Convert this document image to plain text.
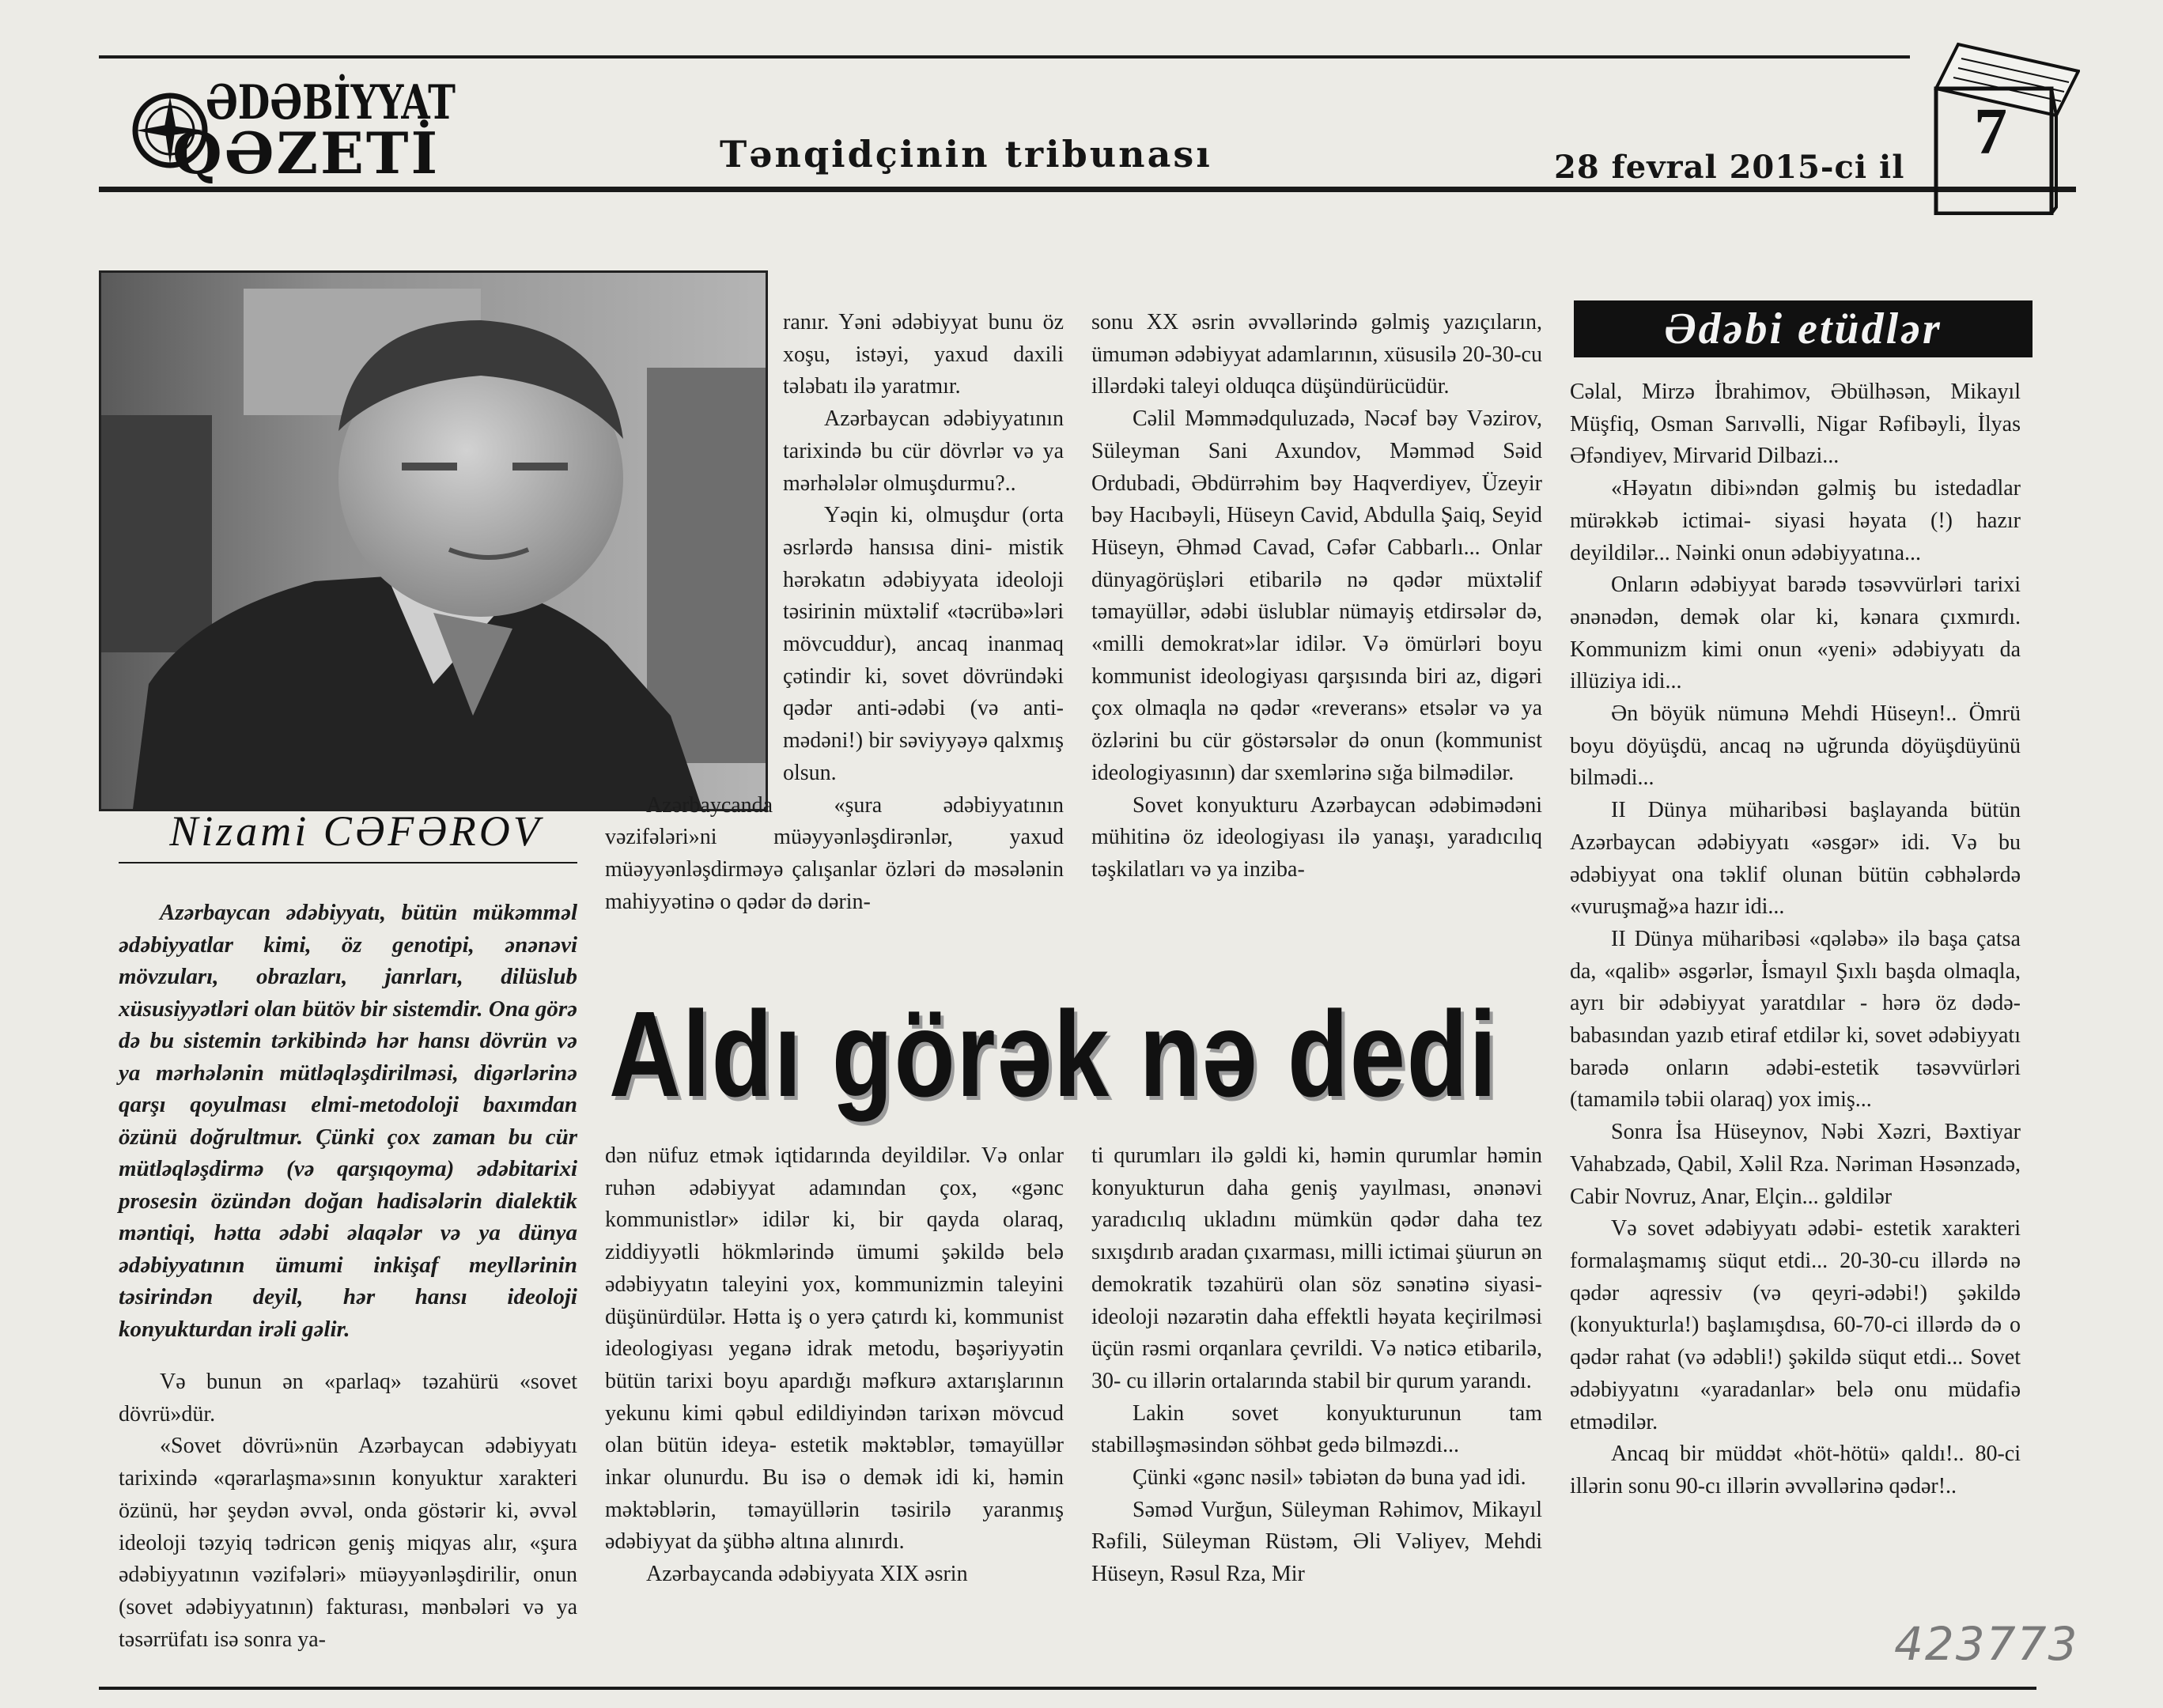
ƏDƏBİYYAT
QƏZETİ	Tənqidçinin tribunası	28 fevral 2015-ci il 7
Nizami CƏFƏROV

Azərbaycan ədəbiyyatı, bütün mükəmməl ədəbiyyatlar kimi, öz genotipi, ənənəvi mövzuları, obrazları, janrları, dilüslub xüsusiyyətləri olan bütöv bir sistemdir. Ona görə də bu sistemin tərkibində hər hansı dövrün və ya mərhələnin mütləqləşdirilməsi, digərlərinə qarşı qoyulması elmi-metodoloji baxımdan özünü doğrultmur. Çünki çox zaman bu cür mütləqləşdirmə (və qarşıqoyma) ədəbitarixi prosesin özündən doğan hadisələrin dialektik məntiqi, hətta ədəbi əlaqələr və ya dünya ədəbiyyatının ümumi inkişaf meyllərinin təsirindən deyil, hər hansı ideoloji konyukturdan irəli gəlir.

Və bunun ən «parlaq» təzahürü «sovet dövrü»dür.

«Sovet dövrü»nün Azərbaycan ədəbiyyatı tarixində «qərarlaşma»sının konyuktur xarakteri özünü, hər şeydən əvvəl, onda göstərir ki, əvvəl ideoloji təzyiq tədricən geniş miqyas alır, «şura ədəbiyyatının vəzifələri» müəyyənləşdirilir, onun (sovet ədəbiyyatının) fakturası, mənbələri və ya təsərrüfatı isə sonra ya-

ranır. Yəni ədəbiyyat bunu öz xoşu, istəyi, yaxud daxili tələbatı ilə yaratmır.

Azərbaycan ədəbiyyatının tarixində bu cür dövrlər və ya mərhələlər olmuşdurmu?..

Yəqin ki, olmuşdur (orta əsrlərdə hansısa dini- mistik hərəkatın ədəbiyyata ideoloji təsirinin müxtəlif «təcrübə»ləri mövcuddur), ancaq inanmaq çətindir ki, sovet dövründəki qədər anti-ədəbi (və anti-mədəni!) bir səviyyəyə qalxmış olsun.

Azərbaycanda «şura ədəbiyyatının vəzifələri»ni müəyyənləşdirənlər, yaxud müəyyənləşdirməyə çalışanlar özləri də məsələnin mahiyyətinə o qədər də dərin-

sonu XX əsrin əvvəllərində gəlmiş yazıçıların, ümumən ədəbiyyat adamlarının, xüsusilə 20-30-cu illərdəki taleyi olduqca düşündürücüdür.

Cəlil Məmmədquluzadə, Nəcəf bəy Vəzirov, Süleyman Sani Axundov, Məmməd Səid Ordubadi, Əbdürrəhim bəy Haqverdiyev, Üzeyir bəy Hacıbəyli, Hüseyn Cavid, Abdulla Şaiq, Seyid Hüseyn, Əhməd Cavad, Cəfər Cabbarlı... Onlar dünyagörüşləri etibarilə nə qədər müxtəlif təmayüllər, ədəbi üslublar nümayiş etdirsələr də, «milli demokrat»lar idilər. Və ömürləri boyu kommunist ideologiyası qarşısında biri az, digəri çox olmaqla nə qədər «reverans» etsələr və ya özlərini bu cür göstərsələr də onun (kommunist ideologiyasının) dar sxemlərinə sığa bilmədilər.

Sovet konyukturu Azərbaycan ədəbimədəni mühitinə öz ideologiyası ilə yanaşı, yaradıcılıq təşkilatları və ya inziba-

Aldı görək nə dedi

dən nüfuz etmək iqtidarında deyildilər. Və onlar ruhən ədəbiyyat adamından çox, «gənc kommunistlər» idilər ki, bir qayda olaraq, ziddiyyətli hökmlərində ümumi şəkildə belə ədəbiyyatın taleyini yox, kommunizmin taleyini düşünürdülər. Hətta iş o yerə çatırdı ki, kommunist ideologiyası yeganə idrak metodu, bəşəriyyətin bütün tarixi boyu apardığı məfkurə axtarışlarının yekunu kimi qəbul edildiyindən tarixən mövcud olan bütün ideya- estetik məktəblər, təmayüllər inkar olunurdu. Bu isə o demək idi ki, həmin məktəblərin, təmayüllərin təsirilə yaranmış ədəbiyyat da şübhə altına alınırdı.

Azərbaycanda ədəbiyyata XIX əsrin

ti qurumları ilə gəldi ki, həmin qurumlar həmin konyukturun daha geniş yayılması, ənənəvi yaradıcılıq ukladını mümkün qədər daha tez sıxışdırıb aradan çıxarması, milli ictimai şüurun ən demokratik təzahürü olan söz sənətinə siyasi-ideoloji nəzarətin daha effektli həyata keçirilməsi üçün rəsmi orqanlara çevrildi. Və nəticə etibarilə, 30- cu illərin ortalarında stabil bir qurum yarandı.

Lakin sovet konyukturunun tam stabilləşməsindən söhbət gedə bilməzdi...

Çünki «gənc nəsil» təbiətən də buna yad idi.

Səməd Vurğun, Süleyman Rəhimov, Mikayıl Rəfili, Süleyman Rüstəm, Əli Vəliyev, Mehdi Hüseyn, Rəsul Rza, Mir

Ədəbi etüdlər

Cəlal, Mirzə İbrahimov, Əbülhəsən, Mikayıl Müşfiq, Osman Sarıvəlli, Nigar Rəfibəyli, İlyas Əfəndiyev, Mirvarid Dilbazi...

«Həyatın dibi»ndən gəlmiş bu istedadlar mürəkkəb ictimai- siyasi həyata (!) hazır deyildilər... Nəinki onun ədəbiyyatına...

Onların ədəbiyyat barədə təsəvvürləri tarixi ənənədən, demək olar ki, kənara çıxmırdı. Kommunizm kimi onun «yeni» ədəbiyyatı da illüziya idi...

Ən böyük nümunə Mehdi Hüseyn!.. Ömrü boyu döyüşdü, ancaq nə uğrunda döyüşdüyünü bilmədi...

II Dünya müharibəsi başlayanda bütün Azərbaycan ədəbiyyatı «əsgər» idi. Və bu ədəbiyyat ona təklif olunan bütün cəbhələrdə «vuruşmağ»a hazır idi...

II Dünya müharibəsi «qələbə» ilə başa çatsa da, «qalib» əsgərlər, İsmayıl Şıxlı başda olmaqla, ayrı bir ədəbiyyat yaratdılar - hərə öz dədə-babasından yazıb etiraf etdilər ki, sovet ədəbiyyatı barədə onların ədəbi-estetik təsəvvürləri (tamamilə təbii olaraq) yox imiş...

Sonra İsa Hüseynov, Nəbi Xəzri, Bəxtiyar Vahabzadə, Qabil, Xəlil Rza. Nəriman Həsənzadə, Cabir Novruz, Anar, Elçin... gəldilər

Və sovet ədəbiyyatı ədəbi- estetik xarakteri formalaşmamış süqut etdi... 20-30-cu illərdə nə qədər aqressiv (və qeyri-ədəbi!) şəkildə (konyukturla!) başlamışdısa, 60-70-ci illərdə də o qədər rahat (və ədəbli!) şəkildə süqut etdi... Sovet ədəbiyyatını «yaradanlar» belə onu müdafiə etmədilər.

Ancaq bir müddət «höt-hötü» qaldı!.. 80-ci illərin sonu 90-cı illərin əvvəllərinə qədər!..

423773
